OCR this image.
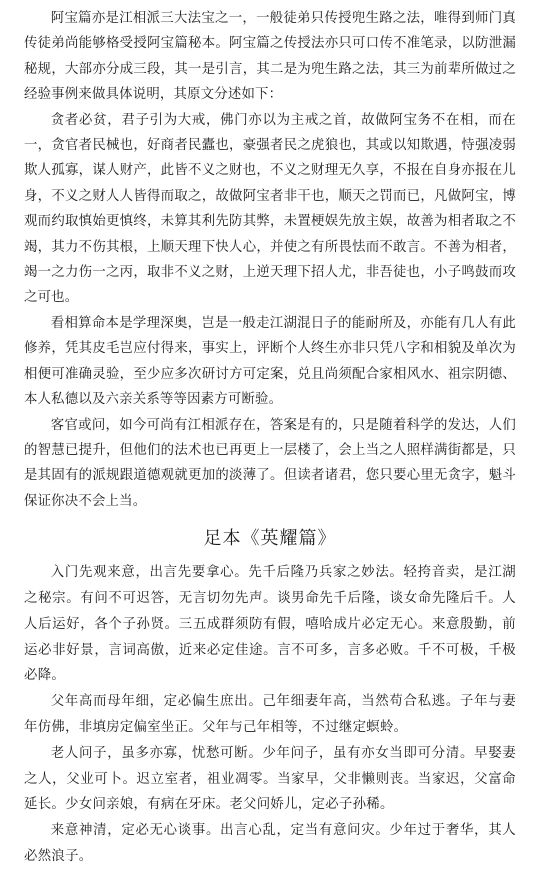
阿宝篇亦是江相派三大法宝之一，一般徒弟只传授兜生路之法，唯得到师门真传徒弟尚能够格受授阿宝篇秘本。阿宝篇之传授法亦只可口传不准笔录，以防泄漏秘规，大部亦分成三段，其一是引言，其二是为兜生路之法，其三为前辈所做过之经验事例来做具体说明，其原文分述如下：

贪者必贫，君子引为大戒，佛门亦以为主戒之首，故做阿宝务不在相，而在一，贪官者民械也，好商者民蠹也，豪强者民之虎狼也，其或以知欺遇，恃强凌弱欺人孤寡，谋人财产，此皆不义之财也，不义之财理无久享，不报在自身亦报在儿身，不义之财人人皆得而取之，故做阿宝者非干也，顺天之罚而已，凡做阿宝，博观而约取慎始更慎终，未算其利先防其弊，未置梗娱先放主娱，故善为相者取之不竭，其力不伤其根，上顺天理下快人心，并使之有所畏怯而不敢言。不善为相者，竭一之力伤一之丙，取非不义之财，上逆天理下招人尤，非吾徒也，小子鸣鼓而攻之可也。

看相算命本是学理深奥，岂是一般走江湖混日子的能耐所及，亦能有几人有此修养，凭其皮毛岂应付得来，事实上，评断个人终生亦非只凭八字和相貌及单次为相便可准确灵验，至少应多次研讨方可定案，兑且尚须配合家相风水、祖宗阴德、本人私德以及六亲关系等等因素方可断验。

客官或问，如今可尚有江相派存在，答案是有的，只是随着科学的发达，人们的智慧已提升，但他们的法术也已再更上一层楼了，会上当之人照样满街都是，只是其固有的派规跟道德观就更加的淡薄了。但读者诸君，您只要心里无贪字，魁斗保证你决不会上当。

足本《英耀篇》

入门先观来意，出言先要拿心。先千后隆乃兵家之妙法。轻挎音卖，是江湖之秘宗。有问不可迟答，无言切勿先声。谈男命先千后隆，谈女命先隆后千。人人后运好，各个子孙贤。三五成群须防有假，嘻哈成片必定无心。来意殷勤，前运必非好景，言词高傲，近来必定佳途。言不可多，言多必败。千不可极，千极必降。

父年高而母年细，定必偏生庶出。己年细妻年高，当然苟合私逃。子年与妻年仿佛，非填房定偏室坐正。父年与己年相等，不过继定螟蛉。

老人问子，虽多亦寡，忧愁可断。少年问子，虽有亦女当即可分清。早娶妻之人，父业可卜。迟立室者，祖业凋零。当家早，父非懒则丧。当家迟，父富命延长。少女问亲娘，有病在牙床。老父问娇儿，定必子孙稀。

来意神清，定必无心谈事。出言心乱，定当有意问灾。少年过于奢华，其人必然浪子。
